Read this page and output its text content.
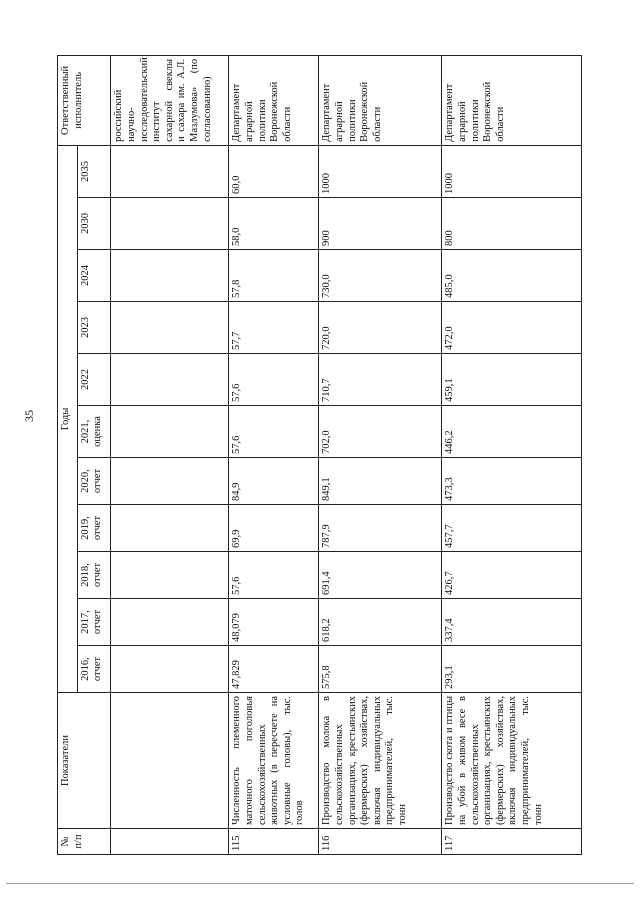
35
№ п/п	Показатели	Годы											Ответственный исполнитель
		2016, отчет	2017, отчет	2018, отчет	2019, отчет	2020, отчет	2021, оценка	2022	2023	2024	2030	2035	
													российский научно-исследовательский институт сахарной свеклы и сахара им. А.Л. Мазлумова» (по согласованию)
115	Численность племенного маточного поголовья сельскохозяйственных животных (в пересчете на условные головы), тыс. голов	47,829	48,079	57,6	69,9	84,9	57,6	57,6	57,7	57,8	58,0	60,0	Департамент аграрной политики Воронежской области
116	Производство молока в сельскохозяйственных организациях, крестьянских (фермерских) хозяйствах, включая индивидуальных предпринимателей, тыс. тонн	575,8	618,2	691,4	787,9	849,1	702,0	710,7	720,0	730,0	900	1000	Департамент аграрной политики Воронежской области
117	Производство скота и птицы на убой в живом весе в сельскохозяйственных организациях, крестьянских (фермерских) хозяйствах, включая индивидуальных предпринимателей, тыс. тонн	293,1	337,4	426,7	457,7	473,3	446,2	459,1	472,0	485,0	800	1000	Департамент аграрной политики Воронежской области
